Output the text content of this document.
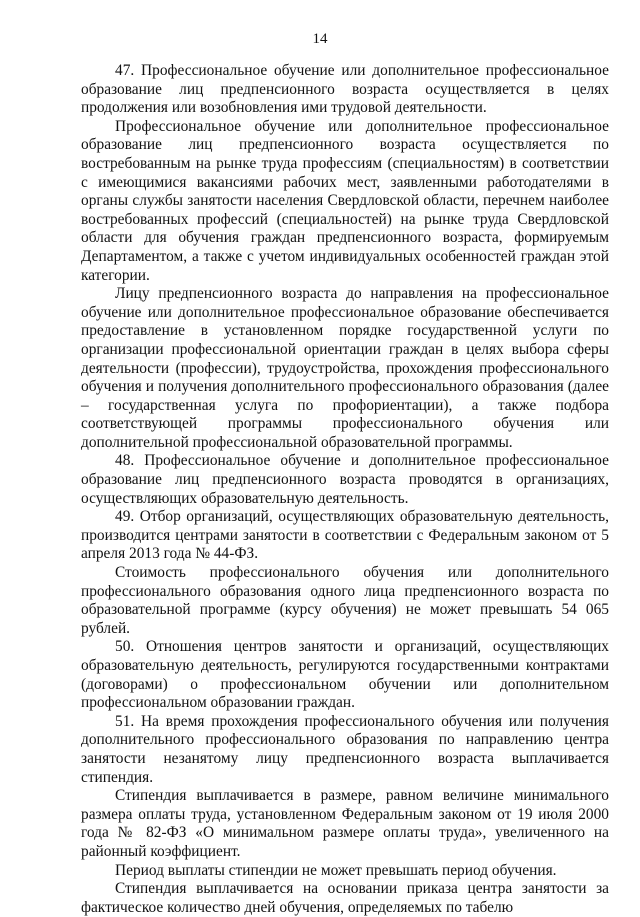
14

47. Профессиональное обучение или дополнительное профессиональное образование лиц предпенсионного возраста осуществляется в целях продолжения или возобновления ими трудовой деятельности.

Профессиональное обучение или дополнительное профессиональное образование лиц предпенсионного возраста осуществляется по востребованным на рынке труда профессиям (специальностям) в соответствии с имеющимися вакансиями рабочих мест, заявленными работодателями в органы службы занятости населения Свердловской области, перечнем наиболее востребованных профессий (специальностей) на рынке труда Свердловской области для обучения граждан предпенсионного возраста, формируемым Департаментом, а также с учетом индивидуальных особенностей граждан этой категории.

Лицу предпенсионного возраста до направления на профессиональное обучение или дополнительное профессиональное образование обеспечивается предоставление в установленном порядке государственной услуги по организации профессиональной ориентации граждан в целях выбора сферы деятельности (профессии), трудоустройства, прохождения профессионального обучения и получения дополнительного профессионального образования (далее – государственная услуга по профориентации), а также подбора соответствующей программы профессионального обучения или дополнительной профессиональной образовательной программы.

48. Профессиональное обучение и дополнительное профессиональное образование лиц предпенсионного возраста проводятся в организациях, осуществляющих образовательную деятельность.

49. Отбор организаций, осуществляющих образовательную деятельность, производится центрами занятости в соответствии с Федеральным законом от 5 апреля 2013 года № 44-ФЗ.

Стоимость профессионального обучения или дополнительного профессионального образования одного лица предпенсионного возраста по образовательной программе (курсу обучения) не может превышать 54 065 рублей.

50. Отношения центров занятости и организаций, осуществляющих образовательную деятельность, регулируются государственными контрактами (договорами) о профессиональном обучении или дополнительном профессиональном образовании граждан.

51. На время прохождения профессионального обучения или получения дополнительного профессионального образования по направлению центра занятости незанятому лицу предпенсионного возраста выплачивается стипендия.

Стипендия выплачивается в размере, равном величине минимального размера оплаты труда, установленном Федеральным законом от 19 июля 2000 года № 82-ФЗ «О минимальном размере оплаты труда», увеличенного на районный коэффициент.

Период выплаты стипендии не может превышать период обучения.

Стипендия выплачивается на основании приказа центра занятости за фактическое количество дней обучения, определяемых по табелю
